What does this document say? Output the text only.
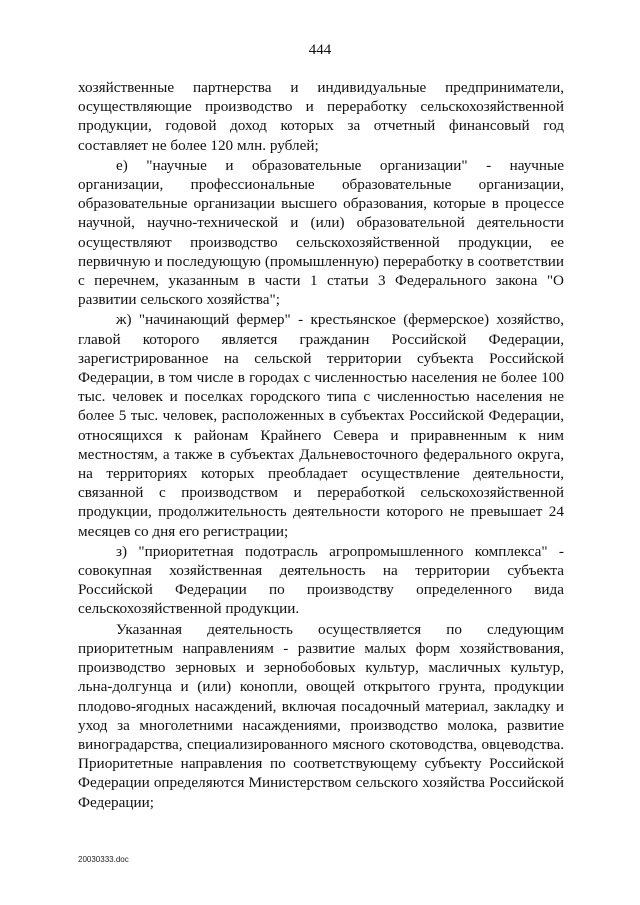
444

хозяйственные партнерства и индивидуальные предприниматели, осуществляющие производство и переработку сельскохозяйственной продукции, годовой доход которых за отчетный финансовый год составляет не более 120 млн. рублей;

е) "научные и образовательные организации" - научные организации, профессиональные образовательные организации, образовательные организации высшего образования, которые в процессе научной, научно-технической и (или) образовательной деятельности осуществляют производство сельскохозяйственной продукции, ее первичную и последующую (промышленную) переработку в соответствии с перечнем, указанным в части 1 статьи 3 Федерального закона "О развитии сельского хозяйства";

ж) "начинающий фермер" - крестьянское (фермерское) хозяйство, главой которого является гражданин Российской Федерации, зарегистрированное на сельской территории субъекта Российской Федерации, в том числе в городах с численностью населения не более 100 тыс. человек и поселках городского типа с численностью населения не более 5 тыс. человек, расположенных в субъектах Российской Федерации, относящихся к районам Крайнего Севера и приравненным к ним местностям, а также в субъектах Дальневосточного федерального округа, на территориях которых преобладает осуществление деятельности, связанной с производством и переработкой сельскохозяйственной продукции, продолжительность деятельности которого не превышает 24 месяцев со дня его регистрации;

з) "приоритетная подотрасль агропромышленного комплекса" - совокупная хозяйственная деятельность на территории субъекта Российской Федерации по производству определенного вида сельскохозяйственной продукции.

Указанная деятельность осуществляется по следующим приоритетным направлениям - развитие малых форм хозяйствования, производство зерновых и зернобобовых культур, масличных культур, льна-долгунца и (или) конопли, овощей открытого грунта, продукции плодово-ягодных насаждений, включая посадочный материал, закладку и уход за многолетними насаждениями, производство молока, развитие виноградарства, специализированного мясного скотоводства, овцеводства. Приоритетные направления по соответствующему субъекту Российской Федерации определяются Министерством сельского хозяйства Российской Федерации;

20030333.doc
